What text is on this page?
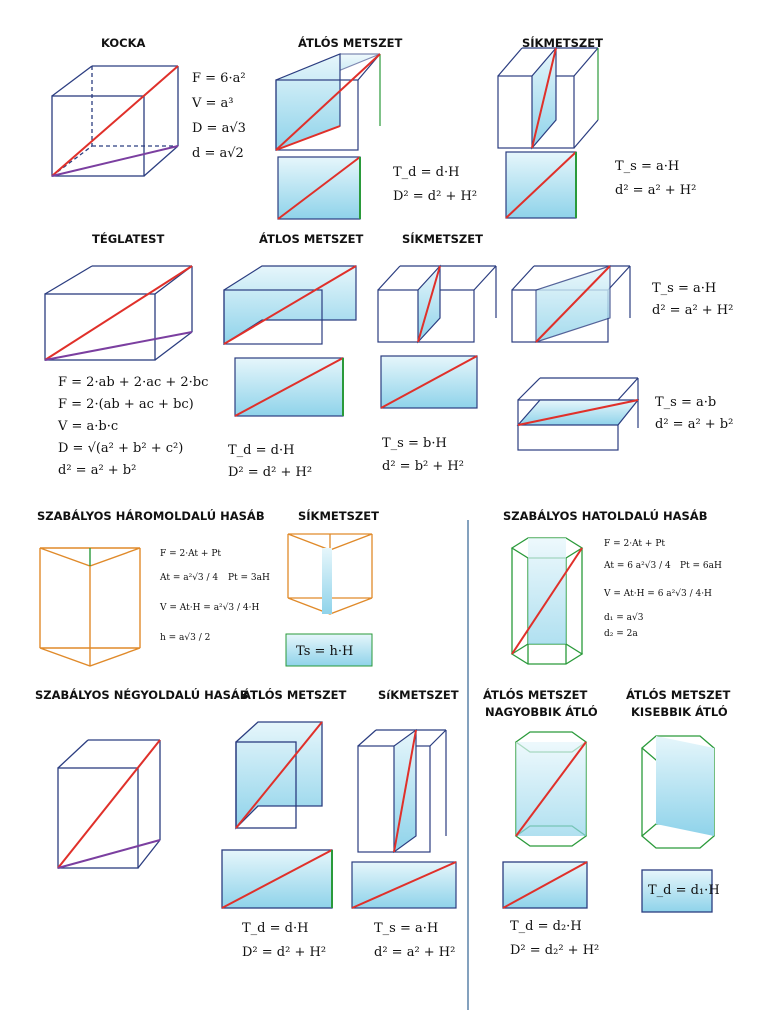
KOCKA	ÁTLÓS METSZET	SÍKMETSZET
TÉGLATEST	ÁTLOS METSZET	SÍKMETSZET
SZABÁLYOS HÁROMOLDALÚ HASÁB	SÍKMETSZET	SZABÁLYOS HATOLDALÚ HASÁB
SZABÁLYOS NÉGYOLDALÚ HASÁB
ÁTLÓS METSZET	SíKMETSZET ÁTLÓS METSZET
NAGYOBBIK ÁTLÓ
ÁTLÓS METSZET
KISEBBIK ÁTLÓ
F = 6·a²
V = a³
D = a√3
d = a√2
T_d = d·H
D² = d² + H²
T_s = a·H
d² = a² + H²
F = 2·ab + 2·ac + 2·bc
F = 2·(ab + ac + bc)
V = a·b·c
D = √(a² + b² + c²)
d² = a² + b²
T_d = d·H
D² = d² + H²
T_s = b·H
d² = b² + H²
T_s = a·H
d² = a² + H²
T_s = a·b
d² = a² + b²
F = 2·At + Pt
At = a²√3 / 4 Pt = 3aH
V = At·H = a²√3 / 4·H
h = a√3 / 2
Ts = h·H
F = 2·At + Pt
At = 6 a²√3 / 4 Pt = 6aH
V = At·H = 6 a²√3 / 4·H
d₁ = a√3
d₂ = 2a
T_d = d·H
D² = d² + H²
T_s = a·H
d² = a² + H²
T_d = d₂·H
D² = d₂² + H²
T_d = d₁·H
